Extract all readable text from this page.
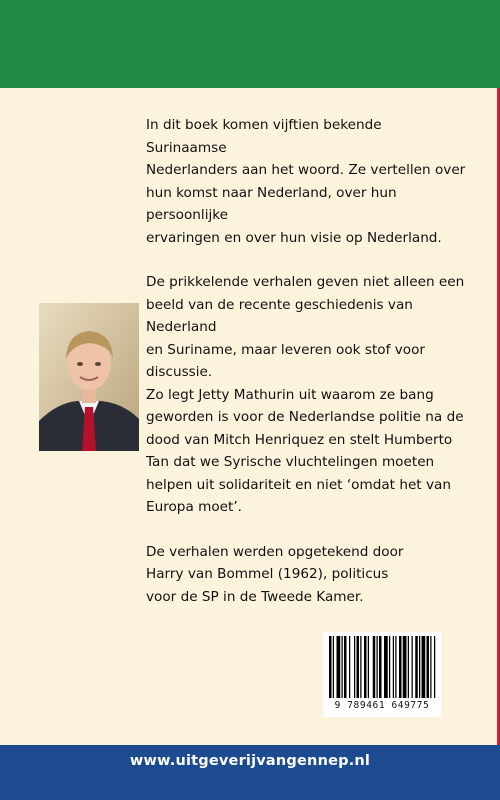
In dit boek komen vijftien bekende Surinaamse
Nederlanders aan het woord. Ze vertellen over
hun komst naar Nederland, over hun persoonlijke
ervaringen en over hun visie op Nederland.

De prikkelende verhalen geven niet alleen een
beeld van de recente geschiedenis van Nederland
en Suriname, maar leveren ook stof voor discussie.
Zo legt Jetty Mathurin uit waarom ze bang
geworden is voor de Nederlandse politie na de
dood van Mitch Henriquez en stelt Humberto
Tan dat we Syrische vluchtelingen moeten
helpen uit solidariteit en niet ‘omdat het van
Europa moet’.

De verhalen werden opgetekend door
Harry van Bommel (1962), politicus
voor de SP in de Tweede Kamer.

9 789461 649775
www.uitgeverijvangennep.nl
